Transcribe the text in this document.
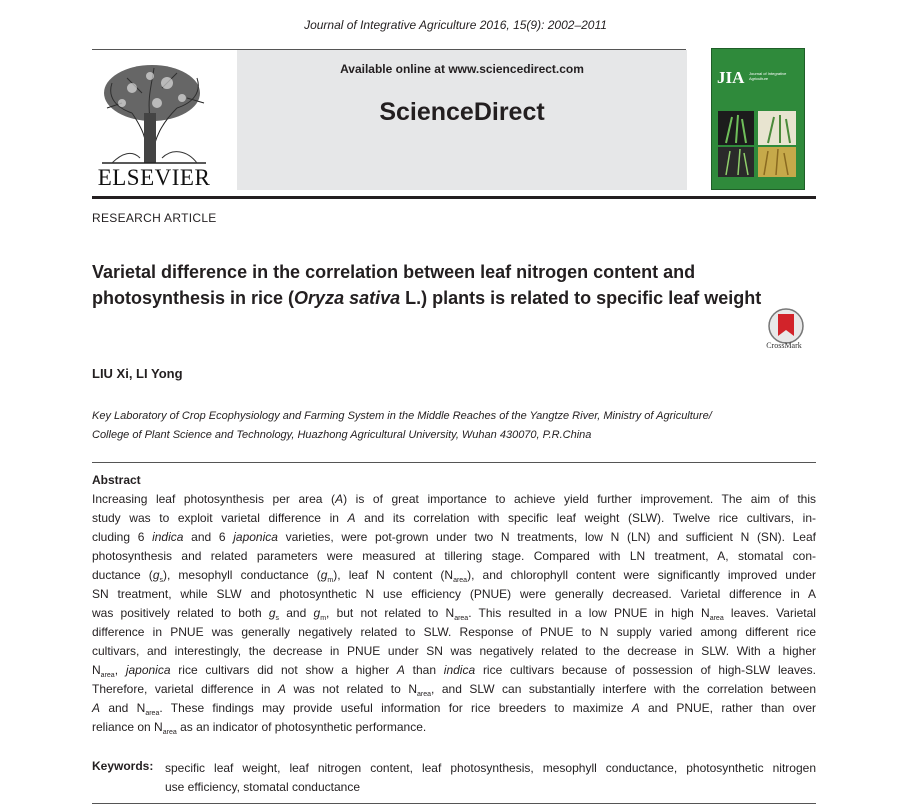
Journal of Integrative Agriculture 2016, 15(9): 2002–2011
ELSEVIER
Available online at www.sciencedirect.com
ScienceDirect
JIA Journal of Integrative Agriculture
RESEARCH ARTICLE
Varietal difference in the correlation between leaf nitrogen content and photosynthesis in rice (Oryza sativa L.) plants is related to specific leaf weight
CrossMark
LIU Xi, LI Yong
Key Laboratory of Crop Ecophysiology and Farming System in the Middle Reaches of the Yangtze River, Ministry of Agriculture/
College of Plant Science and Technology, Huazhong Agricultural University, Wuhan 430070, P.R.China
Abstract
Increasing leaf photosynthesis per area (A) is of great importance to achieve yield further improvement. The aim of this
study was to exploit varietal difference in A and its correlation with specific leaf weight (SLW). Twelve rice cultivars, in-
cluding 6 indica and 6 japonica varieties, were pot-grown under two N treatments, low N (LN) and sufficient N (SN). Leaf
photosynthesis and related parameters were measured at tillering stage. Compared with LN treatment, A, stomatal con-
ductance $(g_s)$, mesophyll conductance $(g_m)$, leaf N content $(N_{area})$, and chlorophyll content were significantly improved under
SN treatment, while SLW and photosynthetic N use efficiency (PNUE) were generally decreased. Varietal difference in A
was positively related to both $g_s$ and $g_m$, but not related to $N_{area}$. This resulted in a low PNUE in high $N_{area}$ leaves. Varietal
difference in PNUE was generally negatively related to SLW. Response of PNUE to N supply varied among different rice
cultivars, and interestingly, the decrease in PNUE under SN was negatively related to the decrease in SLW. With a higher
$N_{area}$, japonica rice cultivars did not show a higher A than indica rice cultivars because of possession of high-SLW leaves.
Therefore, varietal difference in A was not related to $N_{area}$, and SLW can substantially interfere with the correlation between
A and $N_{area}$. These findings may provide useful information for rice breeders to maximize A and PNUE, rather than over
reliance on $N_{area}$ as an indicator of photosynthetic performance.
Keywords: specific leaf weight, leaf nitrogen content, leaf photosynthesis, mesophyll conductance, photosynthetic nitrogen
use efficiency, stomatal conductance
